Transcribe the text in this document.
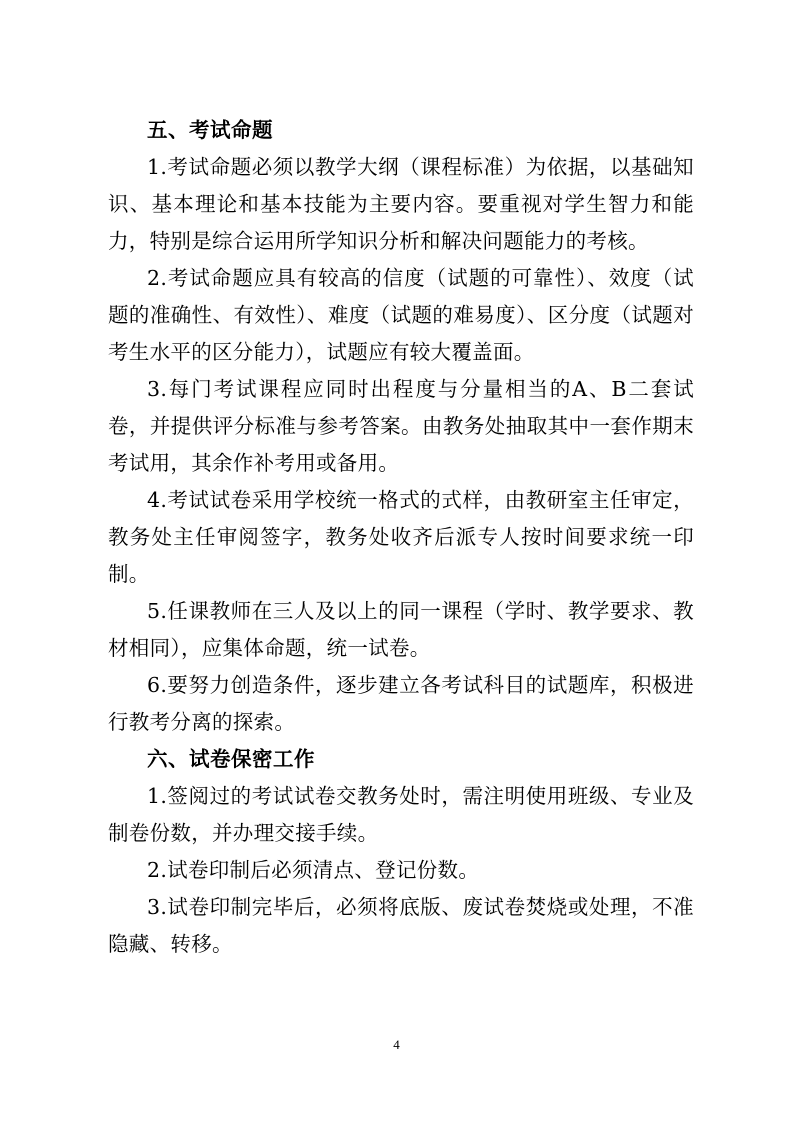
五、考试命题

1.考试命题必须以教学大纲（课程标准）为依据，以基础知识、基本理论和基本技能为主要内容。要重视对学生智力和能力，特别是综合运用所学知识分析和解决问题能力的考核。

2.考试命题应具有较高的信度（试题的可靠性）、效度（试题的准确性、有效性）、难度（试题的难易度）、区分度（试题对考生水平的区分能力），试题应有较大覆盖面。

3.每门考试课程应同时出程度与分量相当的A、B二套试卷，并提供评分标准与参考答案。由教务处抽取其中一套作期末考试用，其余作补考用或备用。

4.考试试卷采用学校统一格式的式样，由教研室主任审定，教务处主任审阅签字，教务处收齐后派专人按时间要求统一印制。

5.任课教师在三人及以上的同一课程（学时、教学要求、教材相同），应集体命题，统一试卷。

6.要努力创造条件，逐步建立各考试科目的试题库，积极进行教考分离的探索。

六、试卷保密工作

1.签阅过的考试试卷交教务处时，需注明使用班级、专业及制卷份数，并办理交接手续。

2.试卷印制后必须清点、登记份数。

3.试卷印制完毕后，必须将底版、废试卷焚烧或处理，不准隐藏、转移。

4
